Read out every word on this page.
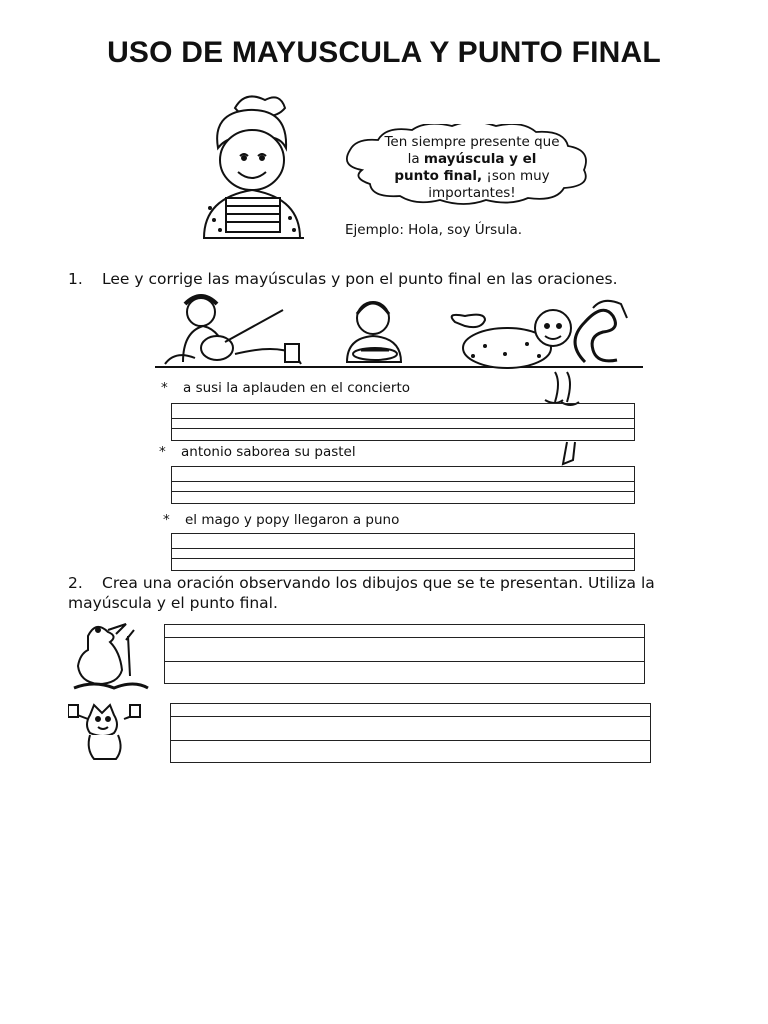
USO DE MAYUSCULA Y PUNTO FINAL
Ten siempre presente que
la mayúscula y el
punto final, ¡son muy
importantes!
Ejemplo: Hola, soy Úrsula.
1. Lee y corrige las mayúsculas y pon el punto final en las oraciones.
* a susi la aplauden en el concierto
* antonio saborea su pastel
* el mago y popy llegaron a puno
2. Crea una oración observando los dibujos que se te presentan. Utiliza la
mayúscula y el punto final.
